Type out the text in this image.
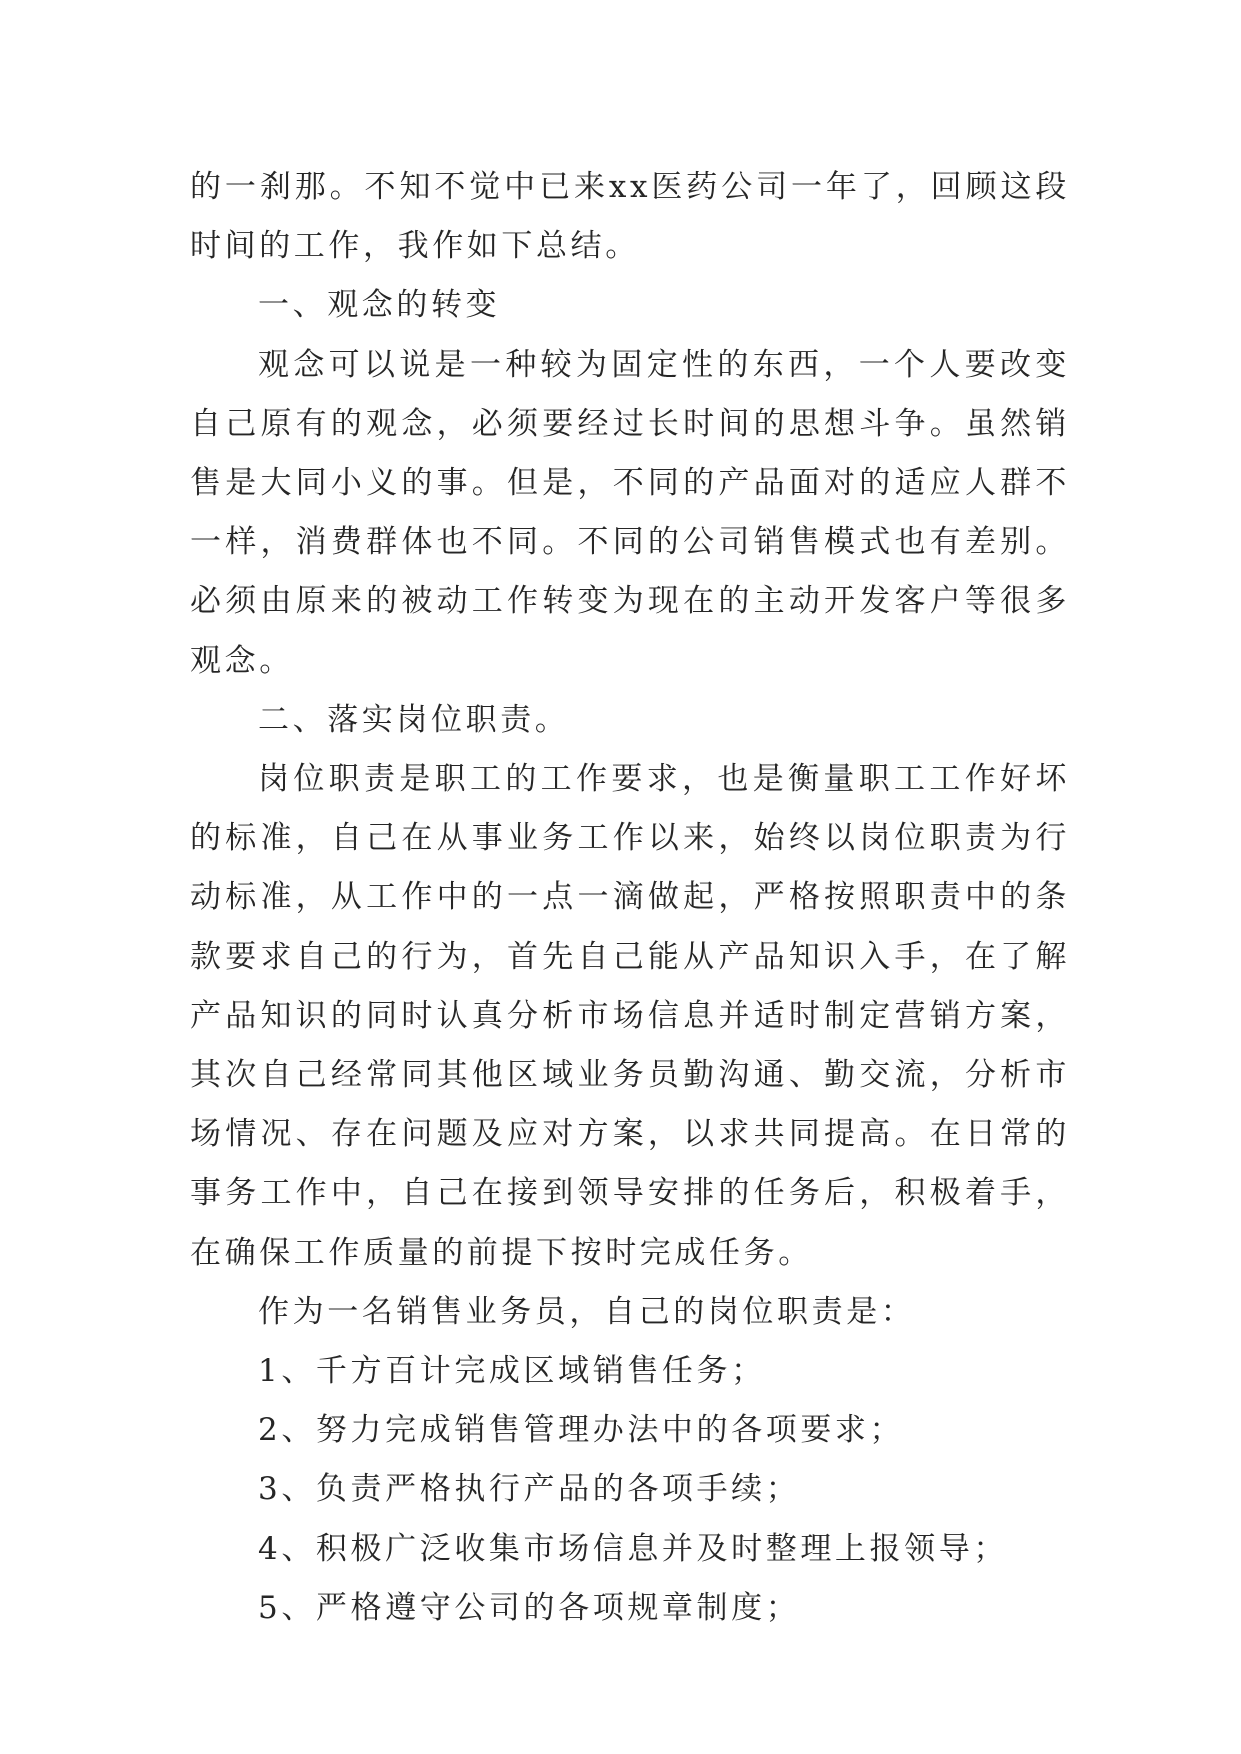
的一刹那。不知不觉中已来xx医药公司一年了，回顾这段时间的工作，我作如下总结。

一、观念的转变

观念可以说是一种较为固定性的东西，一个人要改变自己原有的观念，必须要经过长时间的思想斗争。虽然销售是大同小义的事。但是，不同的产品面对的适应人群不一样，消费群体也不同。不同的公司销售模式也有差别。必须由原来的被动工作转变为现在的主动开发客户等很多观念。

二、落实岗位职责。

岗位职责是职工的工作要求，也是衡量职工工作好坏的标准，自己在从事业务工作以来，始终以岗位职责为行动标准，从工作中的一点一滴做起，严格按照职责中的条款要求自己的行为，首先自己能从产品知识入手，在了解产品知识的同时认真分析市场信息并适时制定营销方案，其次自己经常同其他区域业务员勤沟通、勤交流，分析市场情况、存在问题及应对方案，以求共同提高。在日常的事务工作中，自己在接到领导安排的任务后，积极着手，在确保工作质量的前提下按时完成任务。

作为一名销售业务员，自己的岗位职责是：

1、千方百计完成区域销售任务；

2、努力完成销售管理办法中的各项要求；

3、负责严格执行产品的各项手续；

4、积极广泛收集市场信息并及时整理上报领导；

5、严格遵守公司的各项规章制度；
